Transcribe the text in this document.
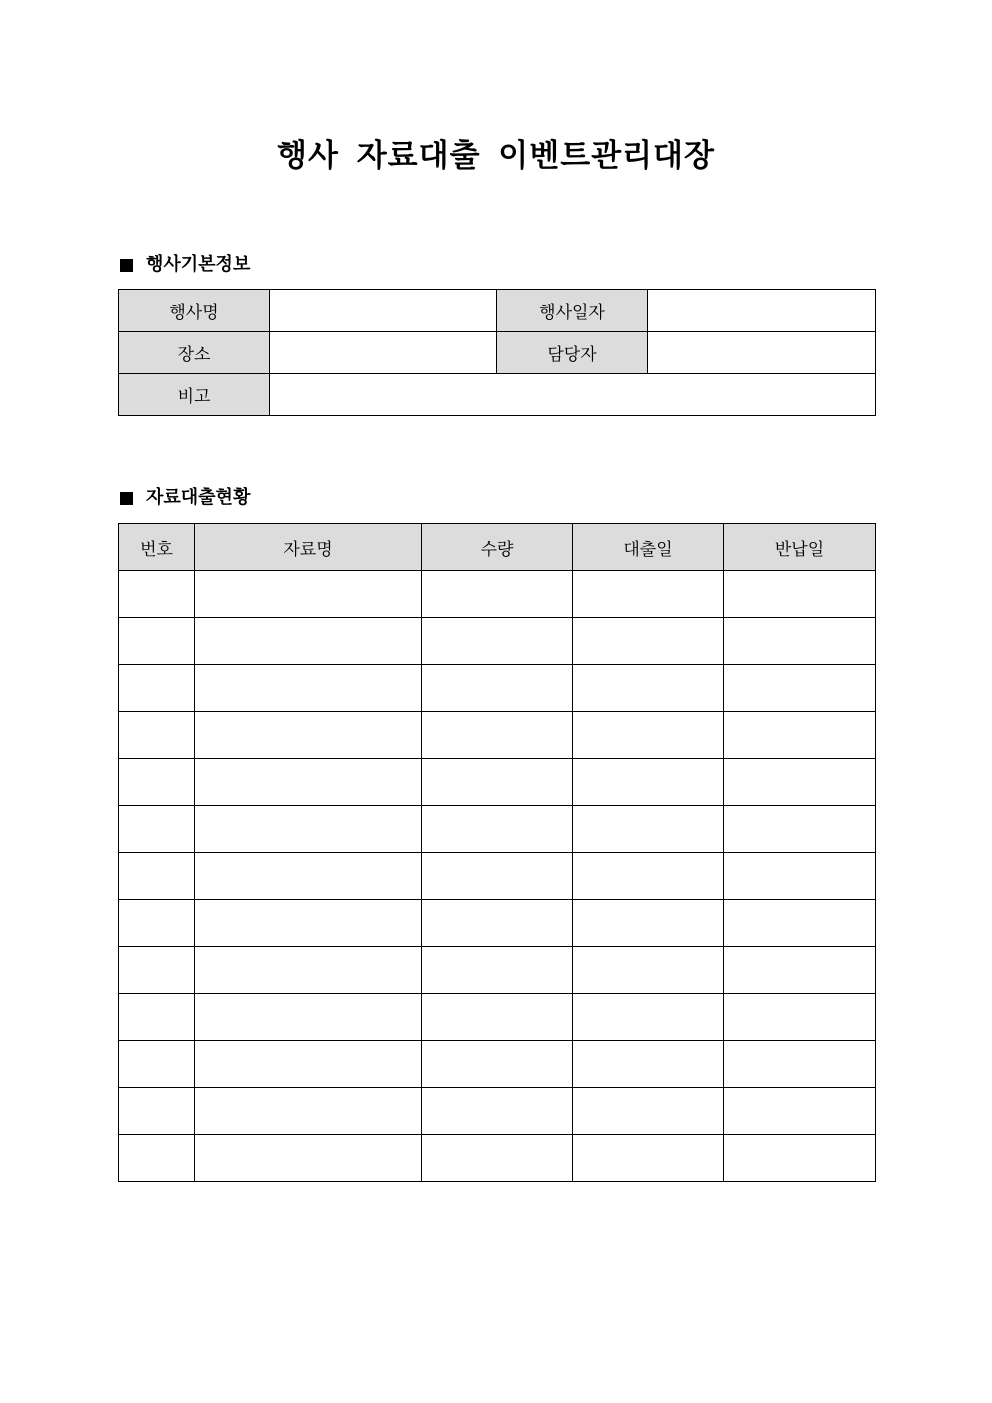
행사 자료대출 이벤트관리대장
행사기본정보
행사명		행사일자	
장소		담당자	
비고			
자료대출현황
번호	자료명	수량	대출일	반납일
